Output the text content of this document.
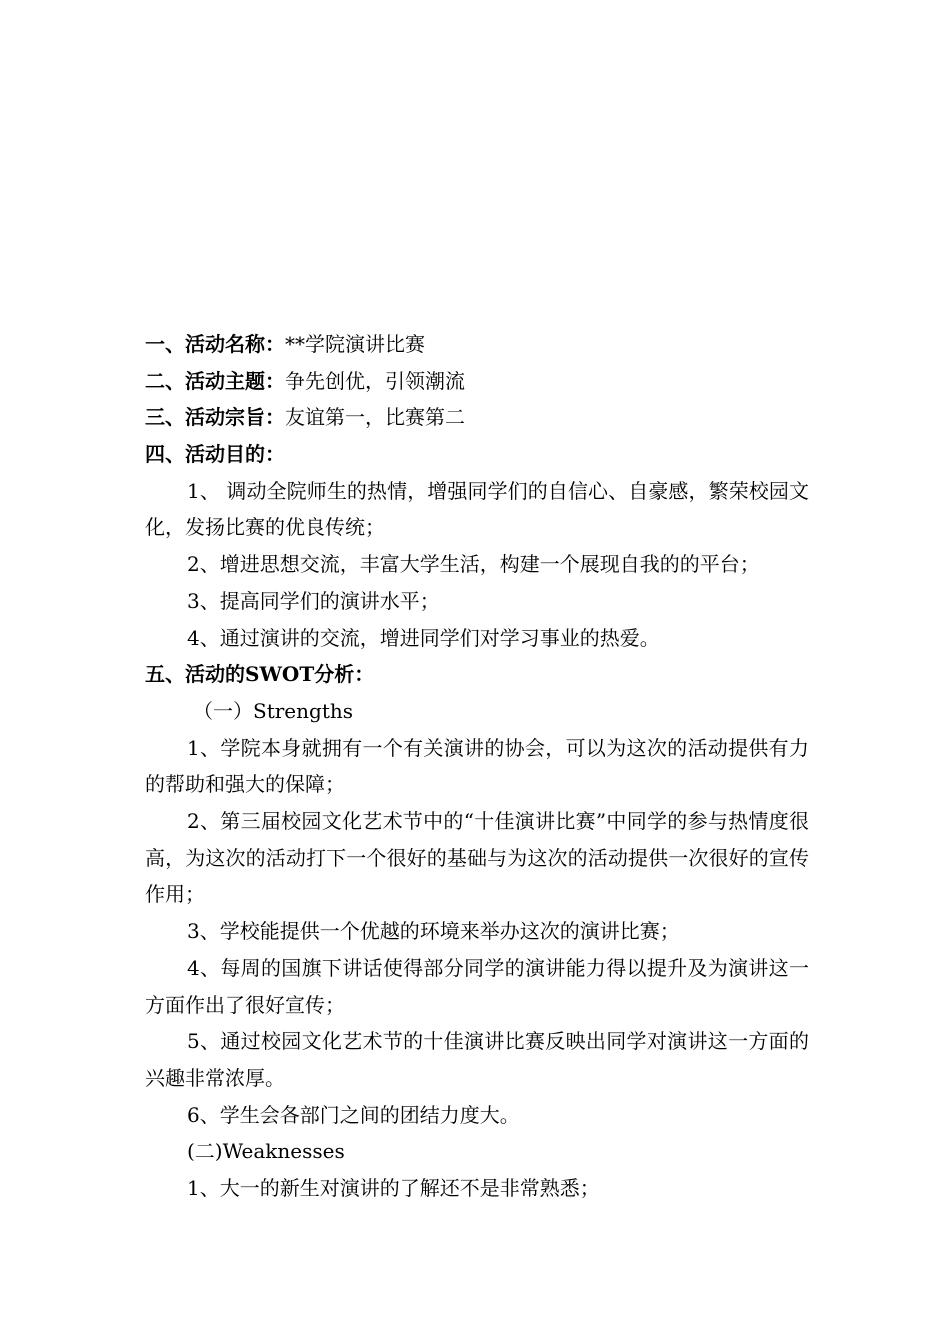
一、活动名称：**学院演讲比赛

二、活动主题：争先创优，引领潮流

三、活动宗旨：友谊第一，比赛第二

四、活动目的：

1、 调动全院师生的热情，增强同学们的自信心、自豪感，繁荣校园文化，发扬比赛的优良传统；

2、增进思想交流，丰富大学生活，构建一个展现自我的的平台；

3、提高同学们的演讲水平；

4、通过演讲的交流，增进同学们对学习事业的热爱。

五、活动的SWOT分析：

（一）Strengths

1、学院本身就拥有一个有关演讲的协会，可以为这次的活动提供有力的帮助和强大的保障；

2、第三届校园文化艺术节中的“十佳演讲比赛”中同学的参与热情度很高，为这次的活动打下一个很好的基础与为这次的活动提供一次很好的宣传作用；

3、学校能提供一个优越的环境来举办这次的演讲比赛；

4、每周的国旗下讲话使得部分同学的演讲能力得以提升及为演讲这一方面作出了很好宣传；

5、通过校园文化艺术节的十佳演讲比赛反映出同学对演讲这一方面的兴趣非常浓厚。

6、学生会各部门之间的团结力度大。

(二)Weaknesses

1、大一的新生对演讲的了解还不是非常熟悉；
